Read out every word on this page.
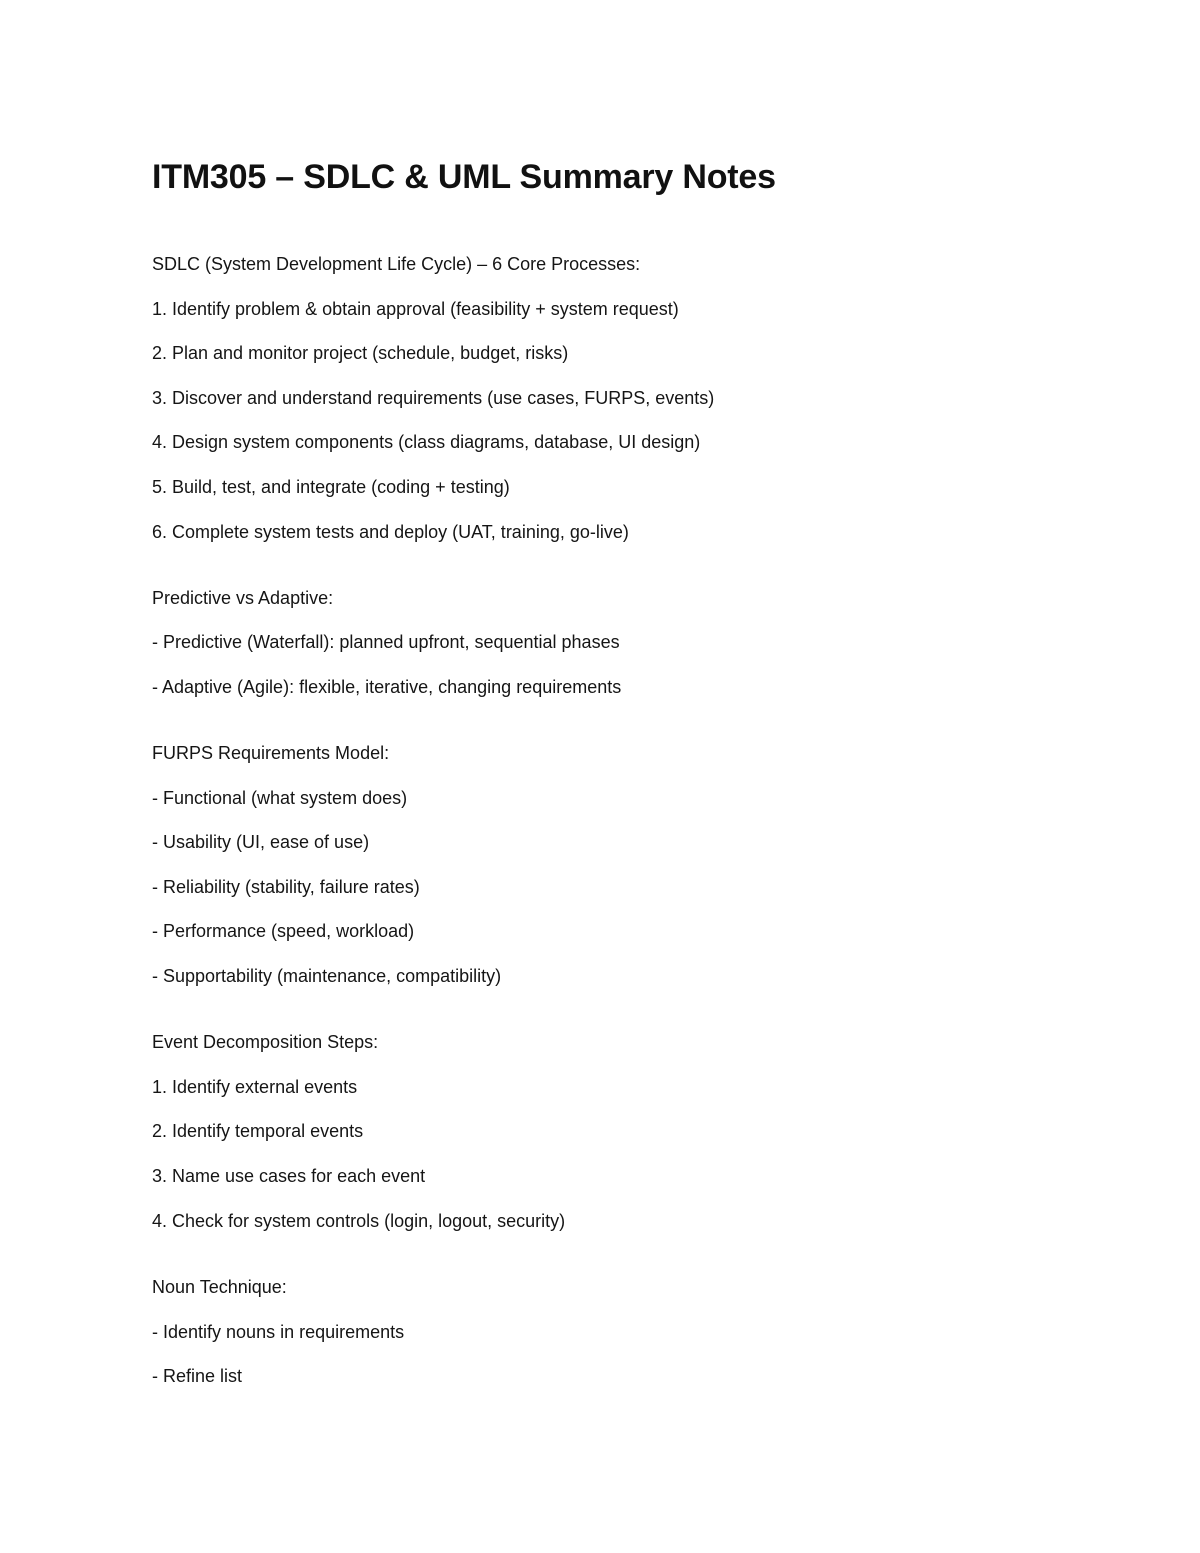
ITM305 – SDLC & UML Summary Notes

SDLC (System Development Life Cycle) – 6 Core Processes:

1. Identify problem & obtain approval (feasibility + system request)

2. Plan and monitor project (schedule, budget, risks)

3. Discover and understand requirements (use cases, FURPS, events)

4. Design system components (class diagrams, database, UI design)

5. Build, test, and integrate (coding + testing)

6. Complete system tests and deploy (UAT, training, go-live)

Predictive vs Adaptive:

- Predictive (Waterfall): planned upfront, sequential phases

- Adaptive (Agile): flexible, iterative, changing requirements

FURPS Requirements Model:

- Functional (what system does)

- Usability (UI, ease of use)

- Reliability (stability, failure rates)

- Performance (speed, workload)

- Supportability (maintenance, compatibility)

Event Decomposition Steps:

1. Identify external events

2. Identify temporal events

3. Name use cases for each event

4. Check for system controls (login, logout, security)

Noun Technique:

- Identify nouns in requirements

- Refine list
